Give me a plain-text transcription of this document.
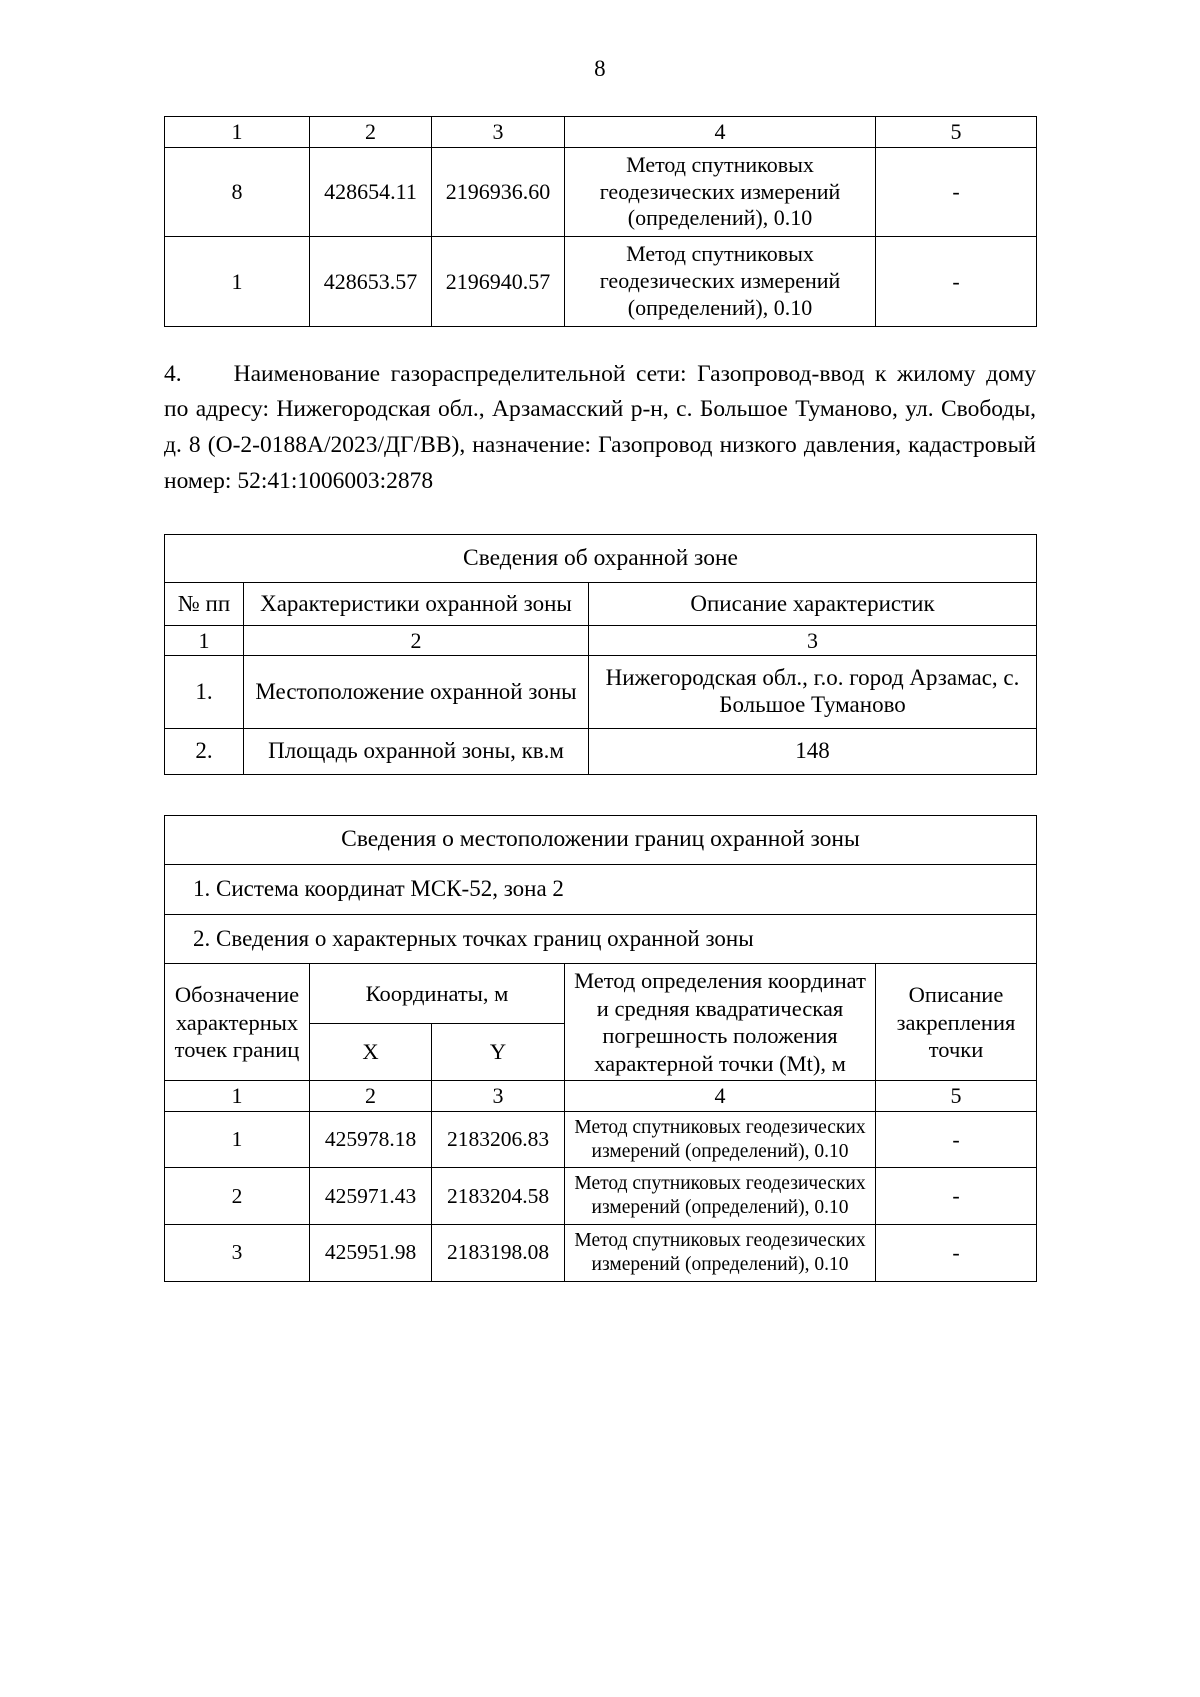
8
1	2	3	4	5
8	428654.11	2196936.60	Метод спутниковых геодезических измерений (определений), 0.10	-
1	428653.57	2196940.57	Метод спутниковых геодезических измерений (определений), 0.10	-
4. Наименование газораспределительной сети: Газопровод-ввод к жилому дому по адресу: Нижегородская обл., Арзамасский р-н, с. Большое Туманово, ул. Свободы, д. 8 (О-2-0188А/2023/ДГ/ВВ), назначение: Газопровод низкого давления, кадастровый номер: 52:41:1006003:2878
Сведения об охранной зоне		
№ пп	Характеристики охранной зоны	Описание характеристик
1	2	3
1.	Местоположение охранной зоны	Нижегородская обл., г.о. город Арзамас, с. Большое Туманово
2.	Площадь охранной зоны, кв.м	148
Сведения о местоположении границ охранной зоны				
1. Система координат МСК-52, зона 2				
2. Сведения о характерных точках границ охранной зоны				
Обозначение характерных точек границ	Координаты, м		Метод определения координат и средняя квадратическая погрешность положения характерной точки (Mt), м	Описание закрепления точки
	X	Y		
1	2	3	4	5
1	425978.18	2183206.83	Метод спутниковых геодезических измерений (определений), 0.10	-
2	425971.43	2183204.58	Метод спутниковых геодезических измерений (определений), 0.10	-
3	425951.98	2183198.08	Метод спутниковых геодезических измерений (определений), 0.10	-
